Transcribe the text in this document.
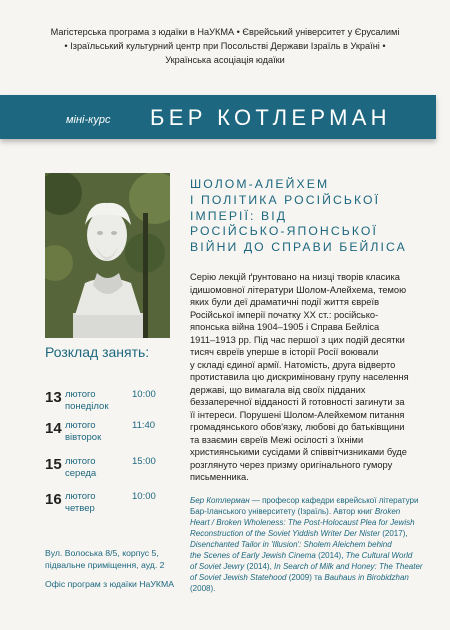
Магістерська програма з юдаїки в НаУКМА • Єврейський університет у Єрусалимі
• Ізраїльський культурний центр при Посольстві Держави Ізраїль в Україні •
Українська асоціація юдаїки
міні-курс БЕР КОТЛЕРМАН
Розклад занять:
13 лютого
понеділок
10:00
14 лютого
вівторок
11:40
15 лютого
середа
15:00
16 лютого
четвер
10:00
Вул. Волоська 8/5, корпус 5,
підвальне приміщення, ауд. 2
Офіс програм з юдаїки НаУКМА
ШОЛОМ-АЛЕЙХЕМ
І ПОЛІТИКА РОСІЙСЬКОЇ
ІМПЕРІЇ: ВІД
РОСІЙСЬКО-ЯПОНСЬКОЇ
ВІЙНИ ДО СПРАВИ БЕЙЛІСА
Серію лекцій ґрунтовано на низці творів класика
ідишомовної літератури Шолом-Алейхема, темою
яких були деї драматичні події життя євреїв
Російської імперії початку ХХ ст.: російсько-
японська війна 1904–1905 і Справа Бейліса
1911–1913 рр. Під час першої з цих подій десятки
тисяч євреїв уперше в історії Росії воювали
у складі єдиної армії. Натомість, друга відверто
протиставила цю дискриміновану групу населення
державі, що вимагала від своїх підданих
беззаперечної відданості й готовності загинути за
її інтереси. Порушені Шолом-Алейхемом питання
громадянського обов'язку, любові до батьківщини
та взаємин євреїв Межі осілості з їхніми
християнськими сусідами й співвітчизниками буде
розглянуто через призму оригінального гумору
письменника.
Бер Котлерман — професор кафедри єврейської літератури
Бар-Іланського університету (Ізраїль). Автор книг Broken
Heart / Broken Wholeness: The Post-Holocaust Plea for Jewish
Reconstruction of the Soviet Yiddish Writer Der Nister (2017),
Disenchanted Tailor in 'Illusion': Sholem Aleichem behind
the Scenes of Early Jewish Cinema (2014), The Cultural World
of Soviet Jewry (2014), In Search of Milk and Honey: The Theater
of Soviet Jewish Statehood (2009) та Bauhaus in Birobidzhan
(2008).
